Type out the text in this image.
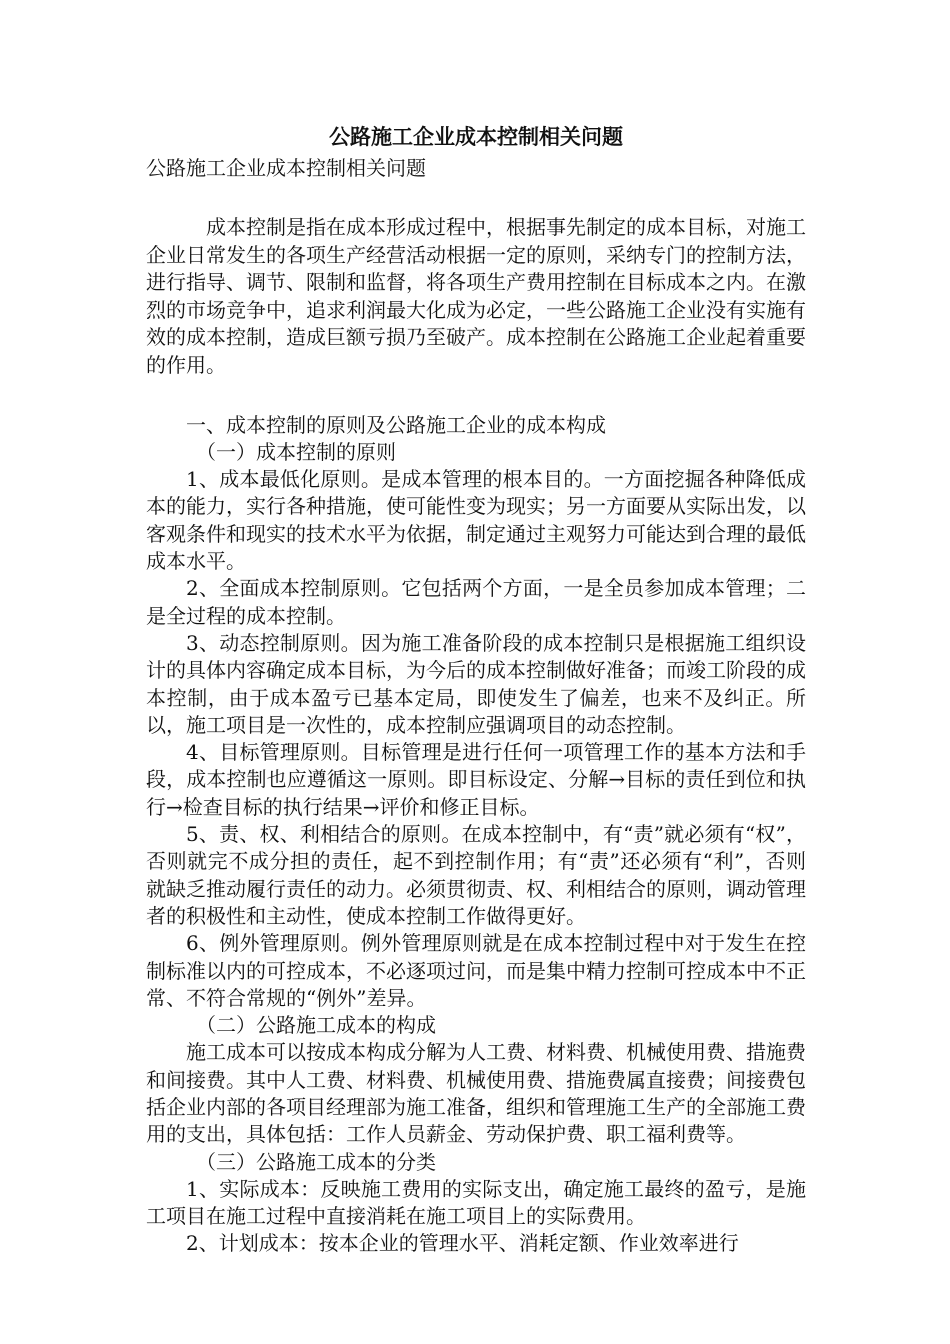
公路施工企业成本控制相关问题

公路施工企业成本控制相关问题

成本控制是指在成本形成过程中，根据事先制定的成本目标，对施工企业日常发生的各项生产经营活动根据一定的原则，采纳专门的控制方法，进行指导、调节、限制和监督，将各项生产费用控制在目标成本之内。在激烈的市场竞争中，追求利润最大化成为必定，一些公路施工企业没有实施有效的成本控制，造成巨额亏损乃至破产。成本控制在公路施工企业起着重要的作用。

一、成本控制的原则及公路施工企业的成本构成

（一）成本控制的原则

1、成本最低化原则。是成本管理的根本目的。一方面挖掘各种降低成本的能力，实行各种措施，使可能性变为现实；另一方面要从实际出发，以客观条件和现实的技术水平为依据，制定通过主观努力可能达到合理的最低成本水平。

2、全面成本控制原则。它包括两个方面，一是全员参加成本管理；二是全过程的成本控制。

3、动态控制原则。因为施工准备阶段的成本控制只是根据施工组织设计的具体内容确定成本目标，为今后的成本控制做好准备；而竣工阶段的成本控制，由于成本盈亏已基本定局，即使发生了偏差，也来不及纠正。所以，施工项目是一次性的，成本控制应强调项目的动态控制。

4、目标管理原则。目标管理是进行任何一项管理工作的基本方法和手段，成本控制也应遵循这一原则。即目标设定、分解→目标的责任到位和执行→检查目标的执行结果→评价和修正目标。

5、责、权、利相结合的原则。在成本控制中，有“责”就必须有“权”，否则就完不成分担的责任，起不到控制作用；有“责”还必须有“利”，否则就缺乏推动履行责任的动力。必须贯彻责、权、利相结合的原则，调动管理者的积极性和主动性，使成本控制工作做得更好。

6、例外管理原则。例外管理原则就是在成本控制过程中对于发生在控制标准以内的可控成本，不必逐项过问，而是集中精力控制可控成本中不正常、不符合常规的“例外”差异。

（二）公路施工成本的构成

施工成本可以按成本构成分解为人工费、材料费、机械使用费、措施费和间接费。其中人工费、材料费、机械使用费、措施费属直接费；间接费包括企业内部的各项目经理部为施工准备，组织和管理施工生产的全部施工费用的支出，具体包括：工作人员薪金、劳动保护费、职工福利费等。

（三）公路施工成本的分类

1、实际成本：反映施工费用的实际支出，确定施工最终的盈亏，是施工项目在施工过程中直接消耗在施工项目上的实际费用。

2、计划成本：按本企业的管理水平、消耗定额、作业效率进行
